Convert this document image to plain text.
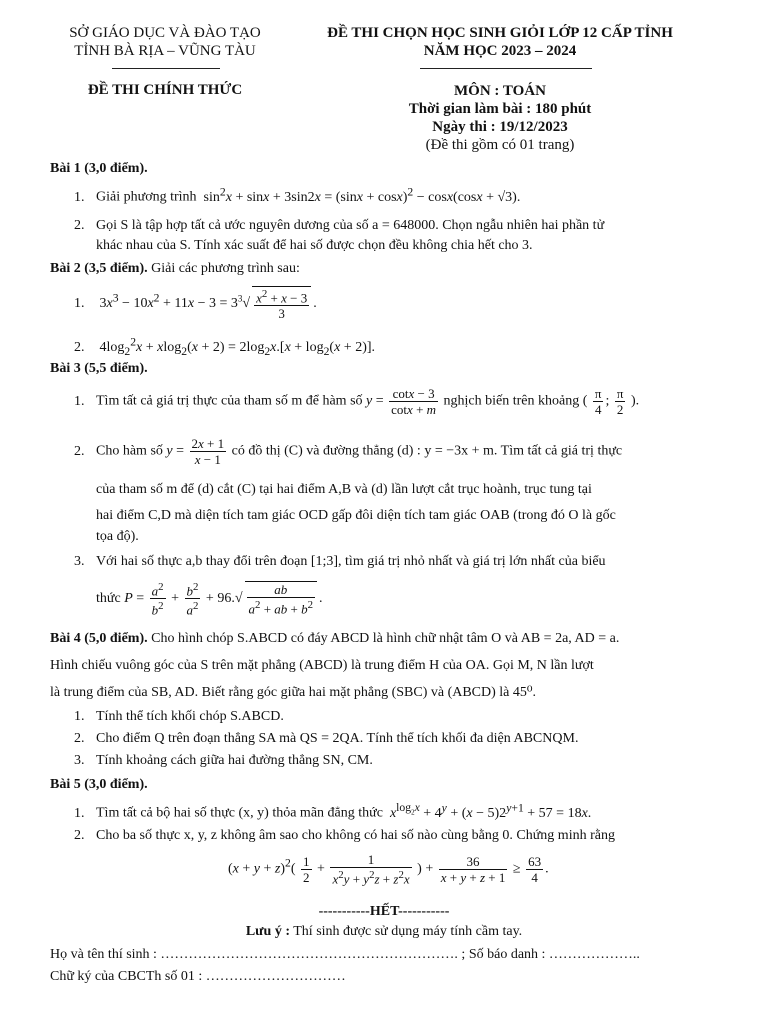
SỞ GIÁO DỤC VÀ ĐÀO TẠO
TỈNH BÀ RỊA – VŨNG TÀU
ĐỀ THI CHÍNH THỨC
ĐỀ THI CHỌN HỌC SINH GIỎI LỚP 12 CẤP TỈNH
NĂM HỌC 2023 – 2024
MÔN : TOÁN
Thời gian làm bài : 180 phút
Ngày thi : 19/12/2023
(Đề thi gồm có 01 trang)
Bài 1 (3,0 điểm).
1. Giải phương trình  $\sin^2x + \sin x + 3\sin 2x = (\sin x + \cos x)^2 - \cos x(\cos x + √3)$.
2. Gọi S là tập hợp tất cả ước nguyên dương của số a = 648000. Chọn ngẫu nhiên hai phần tử
khác nhau của S. Tính xác suất để hai số được chọn đều không chia hết cho 3.
Bài 2 (3,5 điểm). Giải các phương trình sau:
1. $3x^3 - 10x^2 + 11x - 3 = 3^3√ \frac{x^2 + x - 3}{3}$ .
2. $4\log_2^2x + xlog_2(x + 2) = 2\log_2x.[x + \log_2(x + 2)]$.
Bài 3 (5,5 điểm).
1. Tìm tất cả giá trị thực của tham số m để hàm số $y = \frac{\cot x - 3}{\cot x + m}$ nghịch biến trên khoảng ( $\frac{\pi}{4}$ ; $\frac{\pi}{2}$ ).
2. Cho hàm số $y = \frac{2x + 1}{x - 1}$ có đồ thị (C) và đường thẳng (d) : y = −3x + m. Tìm tất cả giá trị thực
của tham số m để (d) cắt (C) tại hai điểm A,B và (d) lần lượt cắt trục hoành, trục tung tại
hai điểm C,D mà diện tích tam giác OCD gấp đôi diện tích tam giác OAB (trong đó O là gốc
tọa độ).
3. Với hai số thực a,b thay đổi trên đoạn [1;3], tìm giá trị nhỏ nhất và giá trị lớn nhất của biểu
thức $P = \frac{a^2}{b^2} + \frac{b^2}{a^2} + 96.√ \frac{ab}{a^2 + ab + b^2}$ .
Bài 4 (5,0 điểm). Cho hình chóp S.ABCD có đáy ABCD là hình chữ nhật tâm O và AB = 2a, AD = a.
Hình chiếu vuông góc của S trên mặt phẳng (ABCD) là trung điểm H của OA. Gọi M, N lần lượt
là trung điểm của SB, AD. Biết rằng góc giữa hai mặt phẳng (SBC) và (ABCD) là 45⁰.
1. Tính thể tích khối chóp S.ABCD.
2. Cho điểm Q trên đoạn thẳng SA mà QS = 2QA. Tính thể tích khối đa diện ABCNQM.
3. Tính khoảng cách giữa hai đường thẳng SN, CM.
Bài 5 (3,0 điểm).
1. Tìm tất cả bộ hai số thực (x, y) thỏa mãn đẳng thức $x^{log_2x} + 4^y + (x - 5)2^{y+1} + 57 = 18x$.
2. Cho ba số thực x, y, z không âm sao cho không có hai số nào cùng bằng 0. Chứng minh rằng
$(x + y + z)^2( \frac{1}{2} + \frac{1}{x^2y + y^2z + z^2x}$ ) + $\frac{36}{x + y + z + 1} \ge \frac{63}{4}$ .
-----------HẾT-----------
Lưu ý : Thí sinh được sử dụng máy tính cầm tay.
Họ và tên thí sinh : ………………………………………………………. ; Số báo danh : ………………..
Chữ ký của CBCTh số 01 : …………………………
